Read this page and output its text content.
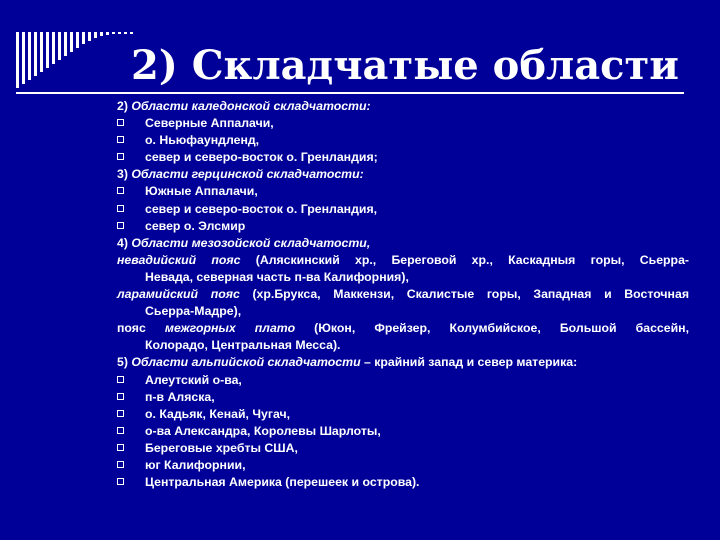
2) Складчатые области
2) Области каледонской складчатости:
Северные Аппалачи,
о. Ньюфаундленд,
север и северо-восток о. Гренландия;
3) Области герцинской складчатости:
Южные Аппалачи,
север и северо-восток о. Гренландия,
север о. Элсмир
4) Области мезозойской складчатости,
невадийский пояс (Аляскинский хр., Береговой хр., Каскадныя горы, Сьерра-
Невада, северная часть п-ва Калифорния),
ларамийский пояс (хр.Брукса, Маккензи, Скалистые горы, Западная и Восточная
Сьерра-Мадре),
пояс межгорных плато (Юкон, Фрейзер, Колумбийское, Большой бассейн,
Колорадо, Центральная Месса).
5) Области альпийской складчатости – крайний запад и север материка:
Алеутский о-ва,
п-в Аляска,
о. Кадьяк, Кенай, Чугач,
о-ва Александра, Королевы Шарлоты,
Береговые хребты США,
юг Калифорнии,
Центральная Америка (перешеек и острова).
